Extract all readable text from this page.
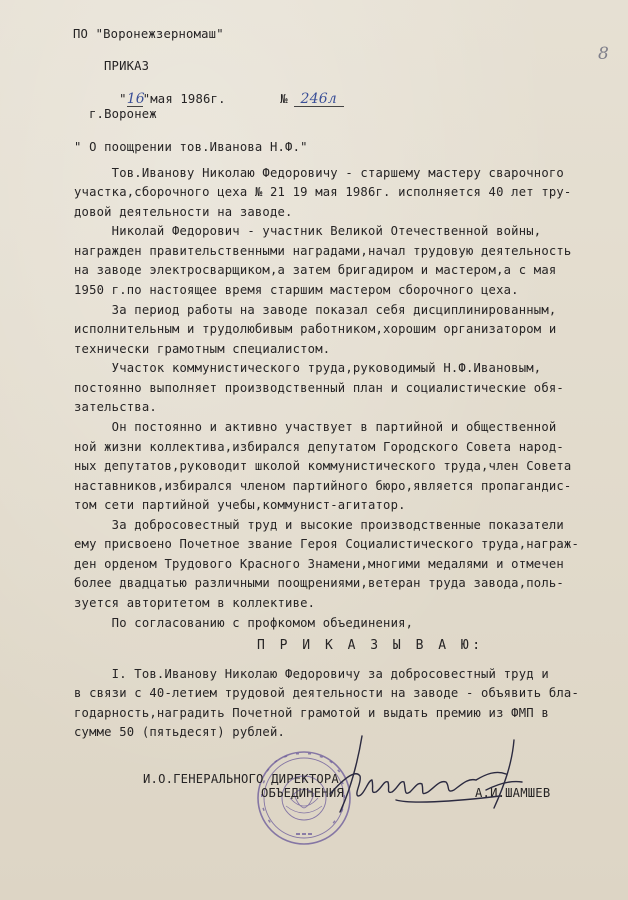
8
ПО "Воронежзерномаш"
ПРИКАЗ

"16"мая 1986г.
	№ 246л

г.Воронеж
" О поощрении тов.Иванова Н.Ф."
Тов.Иванову Николаю Федоровичу - старшему мастеру сварочного
участка,сборочного цеха № 21 19 мая 1986г. исполняется 40 лет тру-
довой деятельности на заводе.
Николай Федорович - участник Великой Отечественной войны,
награжден правительственными наградами,начал трудовую деятельность
на заводе электросварщиком,а затем бригадиром и мастером,а с мая
1950 г.по настоящее время старшим мастером сборочного цеха.
За период работы на заводе показал себя дисциплинированным,
исполнительным и трудолюбивым работником,хорошим организатором и
технически грамотным специалистом.
Участок коммунистического труда,руководимый Н.Ф.Ивановым,
постоянно выполняет производственный план и социалистические обя-
зательства.
Он постоянно и активно участвует в партийной и общественной
ной жизни коллектива,избирался депутатом Городского Совета народ-
ных депутатов,руководит школой коммунистического труда,член Совета
наставников,избирался членом партийного бюро,является пропагандис-
том сети партийной учебы,коммунист-агитатор.
За добросовестный труд и высокие производственные показатели
ему присвоено Почетное звание Героя Социалистического труда,награж-
ден орденом Трудового Красного Знамени,многими медалями и отмечен
более двадцатью различными поощрениями,ветеран труда завода,поль-
зуется авторитетом в коллективе.
По согласованию с профкомом объединения,
П Р И К А З Ы В А Ю:
I. Тов.Иванову Николаю Федоровичу за добросовестный труд и
в связи с 40-летием трудовой деятельности на заводе - объявить бла-
годарность,наградить Почетной грамотой и выдать премию из ФМП в
сумме 50 (пятьдесят) рублей.
И.О.ГЕНЕРАЛЬНОГО ДИРЕКТОРА
ОБЪЕДИНЕНИЯ	А.И.ШАМШЕВ
